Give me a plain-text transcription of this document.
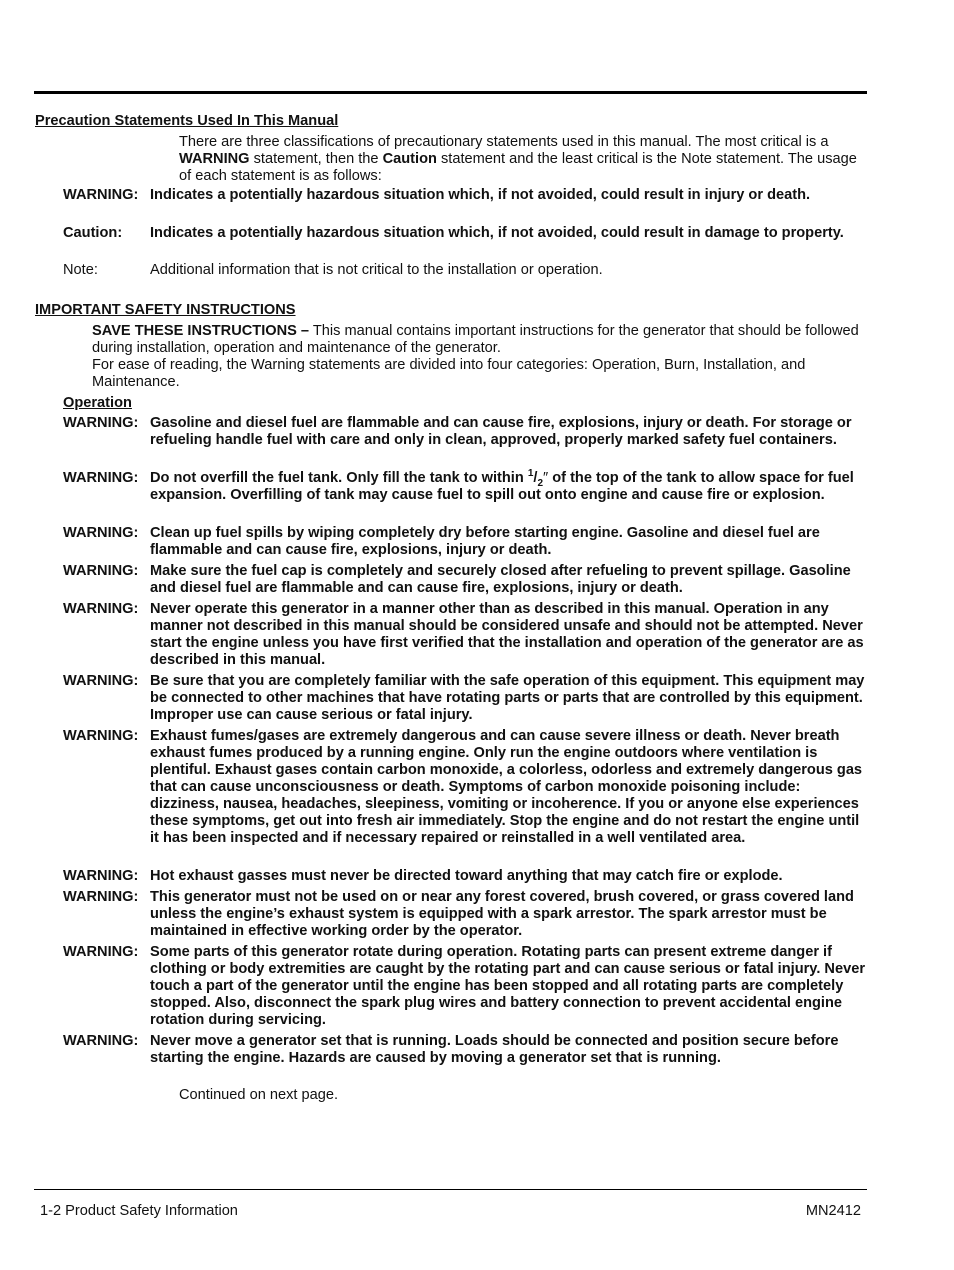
Precaution Statements Used In This Manual
There are three classifications of precautionary statements used in this manual. The most critical is a WARNING statement, then the Caution statement and the least critical is the Note statement. The usage of each statement is as follows:
WARNING: Indicates a potentially hazardous situation which, if not avoided, could result in injury or death.
Caution: Indicates a potentially hazardous situation which, if not avoided, could result in damage to property.
Note:	Additional information that is not critical to the installation or operation.
IMPORTANT SAFETY INSTRUCTIONS
SAVE THESE INSTRUCTIONS – This manual contains important instructions for the generator that should be followed during installation, operation and maintenance of the generator.
For ease of reading, the Warning statements are divided into four categories: Operation, Burn, Installation, and Maintenance.
Operation
WARNING: Gasoline and diesel fuel are flammable and can cause fire, explosions, injury or death. For storage or refueling handle fuel with care and only in clean, approved, properly marked safety fuel containers.
WARNING: Do not overfill the fuel tank. Only fill the tank to within $^1/_2''$ of the top of the tank to allow space for fuel expansion. Overfilling of tank may cause fuel to spill out onto engine and cause fire or explosion.
WARNING: Clean up fuel spills by wiping completely dry before starting engine. Gasoline and diesel fuel are flammable and can cause fire, explosions, injury or death.
WARNING: Make sure the fuel cap is completely and securely closed after refueling to prevent spillage. Gasoline and diesel fuel are flammable and can cause fire, explosions, injury or death.
WARNING: Never operate this generator in a manner other than as described in this manual. Operation in any manner not described in this manual should be considered unsafe and should not be attempted. Never start the engine unless you have first verified that the installation and operation of the generator are as described in this manual.
WARNING: Be sure that you are completely familiar with the safe operation of this equipment. This equipment may be connected to other machines that have rotating parts or parts that are controlled by this equipment. Improper use can cause serious or fatal injury.
WARNING: Exhaust fumes/gases are extremely dangerous and can cause severe illness or death. Never breath exhaust fumes produced by a running engine. Only run the engine outdoors where ventilation is plentiful. Exhaust gases contain carbon monoxide, a colorless, odorless and extremely dangerous gas that can cause unconsciousness or death. Symptoms of carbon monoxide poisoning include: dizziness, nausea, headaches, sleepiness, vomiting or incoherence. If you or anyone else experiences these symptoms, get out into fresh air immediately. Stop the engine and do not restart the engine until it has been inspected and if necessary repaired or reinstalled in a well ventilated area.
WARNING: Hot exhaust gasses must never be directed toward anything that may catch fire or explode.
WARNING: This generator must not be used on or near any forest covered, brush covered, or grass covered land unless the engine’s exhaust system is equipped with a spark arrestor. The spark arrestor must be maintained in effective working order by the operator.
WARNING: Some parts of this generator rotate during operation. Rotating parts can present extreme danger if clothing or body extremities are caught by the rotating part and can cause serious or fatal injury. Never touch a part of the generator until the engine has been stopped and all rotating parts are completely stopped. Also, disconnect the spark plug wires and battery connection to prevent accidental engine rotation during servicing.
WARNING: Never move a generator set that is running. Loads should be connected and position secure before starting the engine. Hazards are caused by moving a generator set that is running.
Continued on next page.
1-2 Product Safety Information	MN2412
